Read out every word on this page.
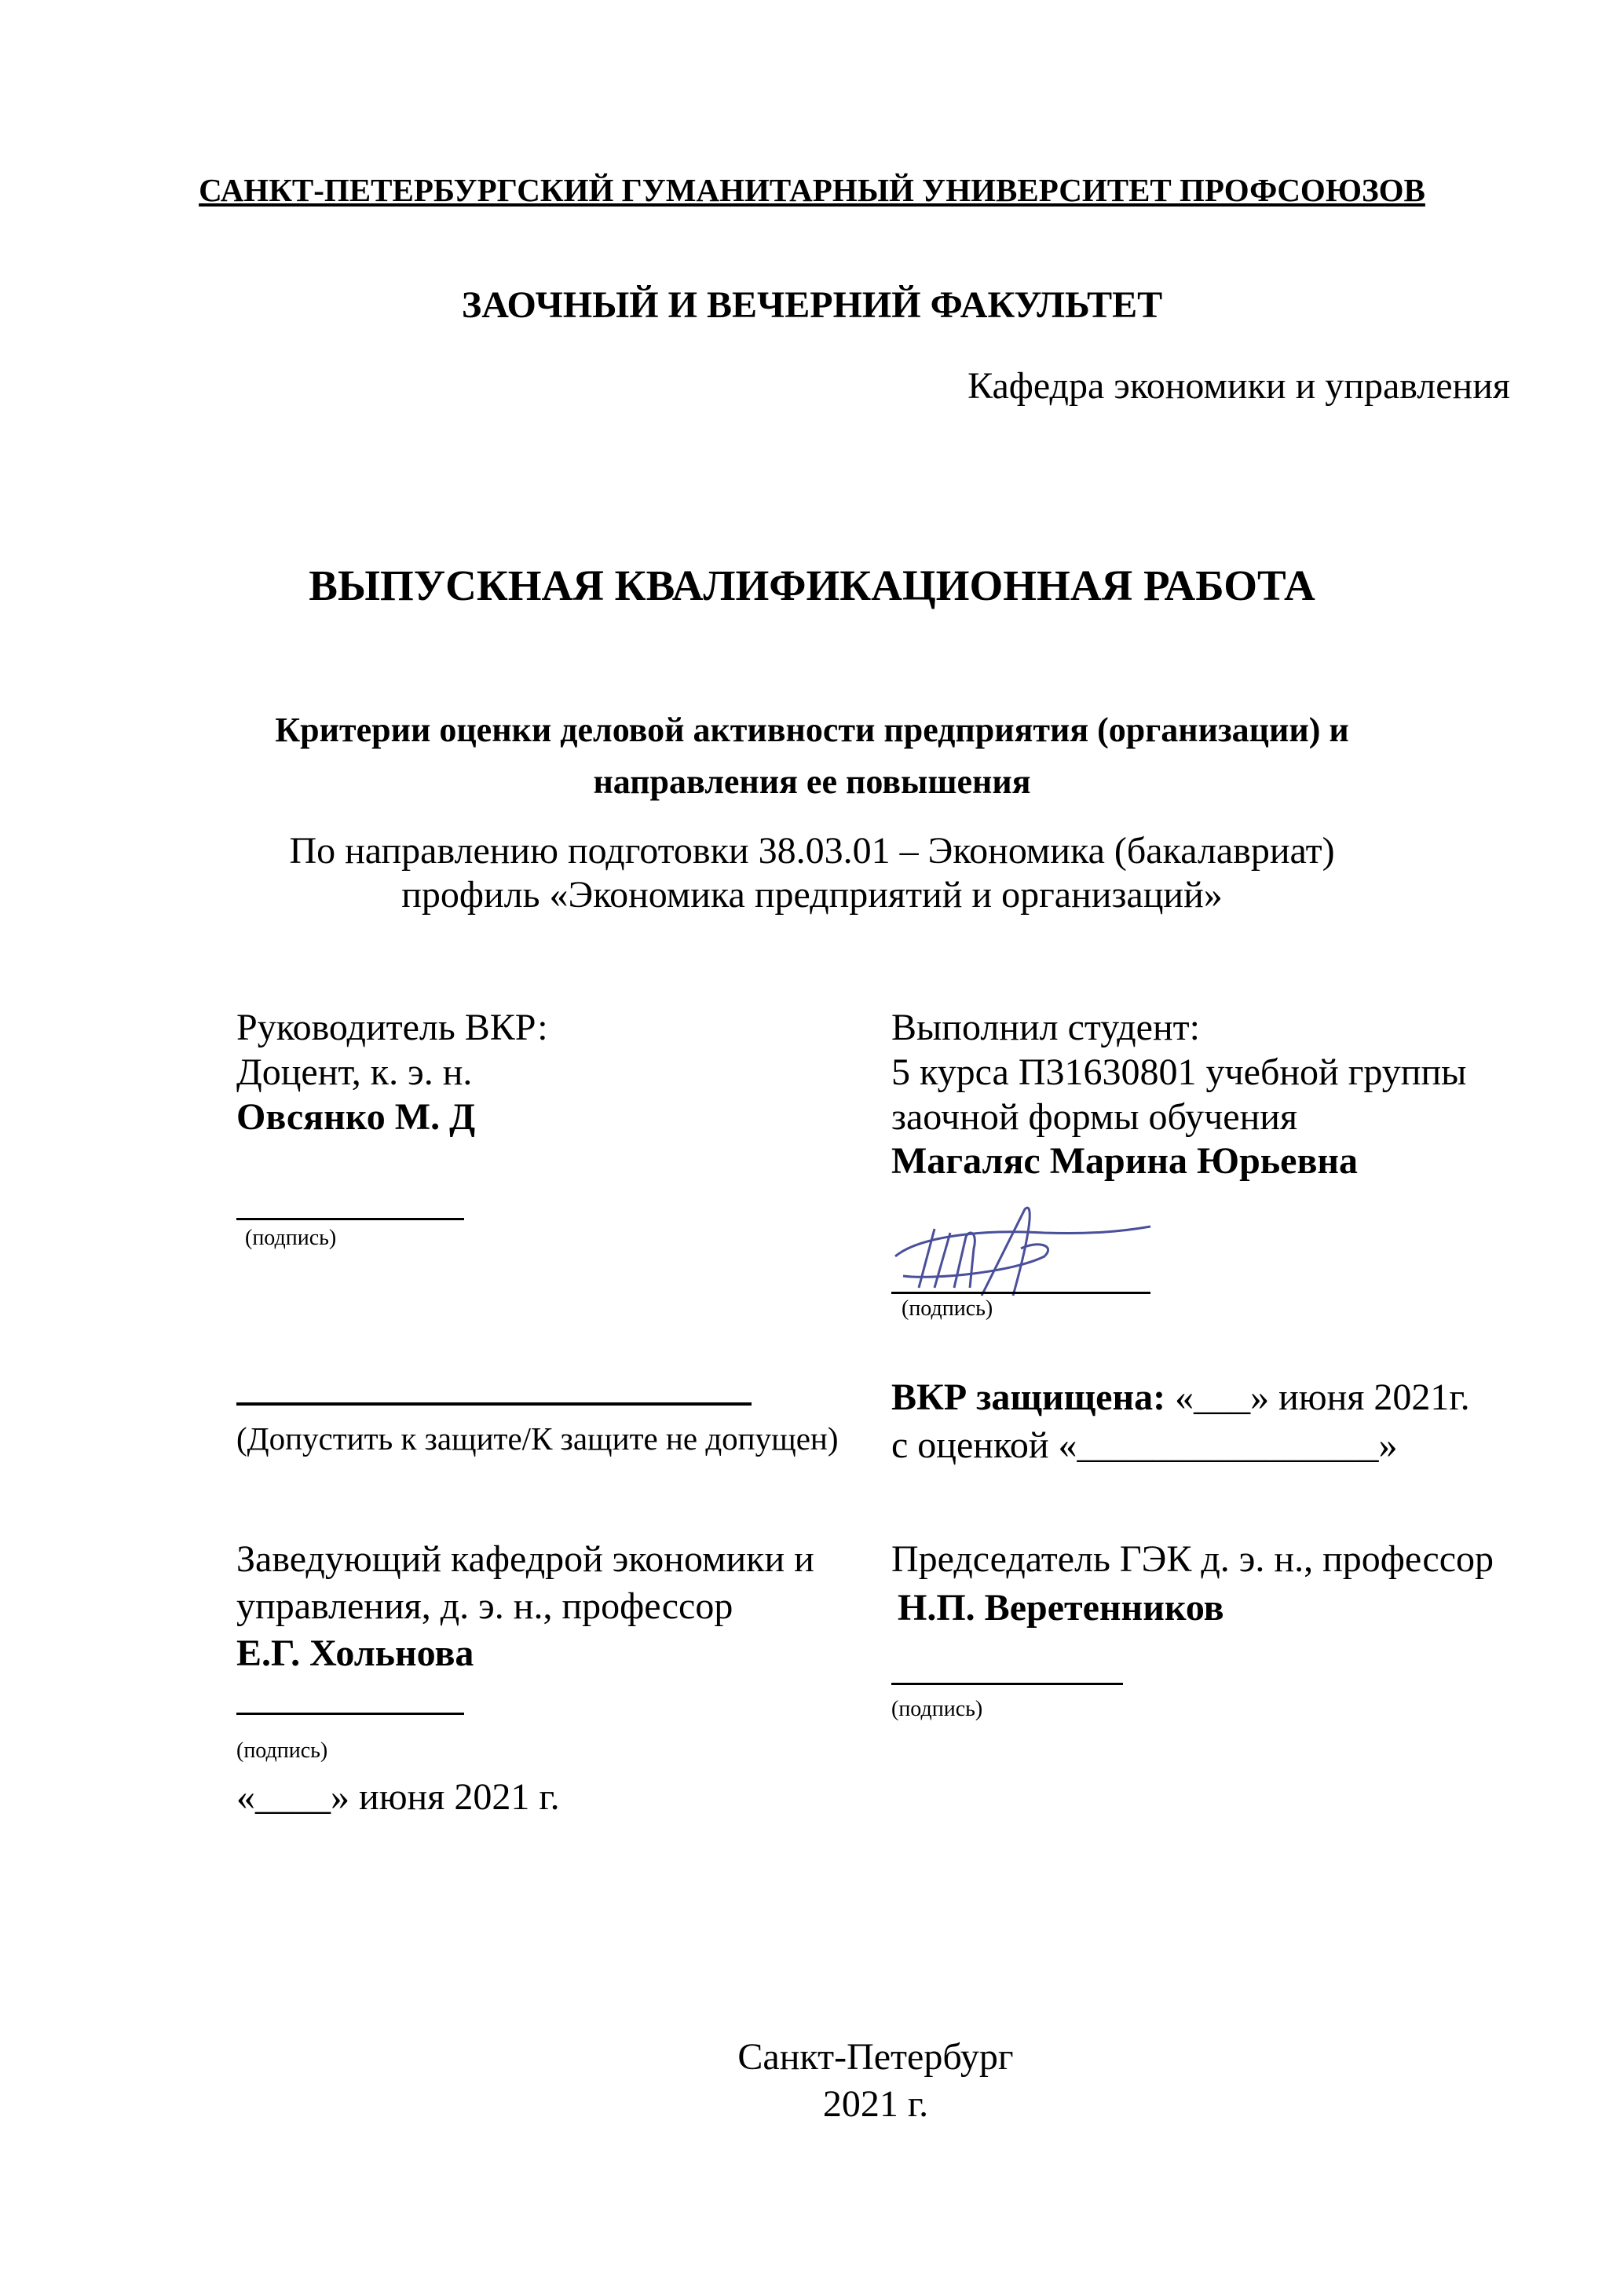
САНКТ-ПЕТЕРБУРГСКИЙ ГУМАНИТАРНЫЙ УНИВЕРСИТЕТ ПРОФСОЮЗОВ
ЗАОЧНЫЙ И ВЕЧЕРНИЙ ФАКУЛЬТЕТ
Кафедра экономики и управления
ВЫПУСКНАЯ КВАЛИФИКАЦИОННАЯ РАБОТА
Критерии оценки деловой активности предприятия (организации) и
направления ее повышения
По направлению подготовки 38.03.01 – Экономика (бакалавриат)
профиль «Экономика предприятий и организаций»
Руководитель ВКР:
Доцент, к. э. н.
Овсянко М. Д
(подпись)
Выполнил студент:
5 курса П31630801 учебной группы
заочной формы обучения
Магаляс Марина Юрьевна
(подпись)
(Допустить к защите/К защите не допущен)
ВКР защищена: «___» июня 2021г.
с оценкой «________________»
Заведующий кафедрой экономики и
управления, д. э. н., профессор
Е.Г. Хольнова
(подпись)
«____» июня 2021 г.
Председатель ГЭК д. э. н., профессор
Н.П. Веретенников
(подпись)
Санкт-Петербург
2021 г.
